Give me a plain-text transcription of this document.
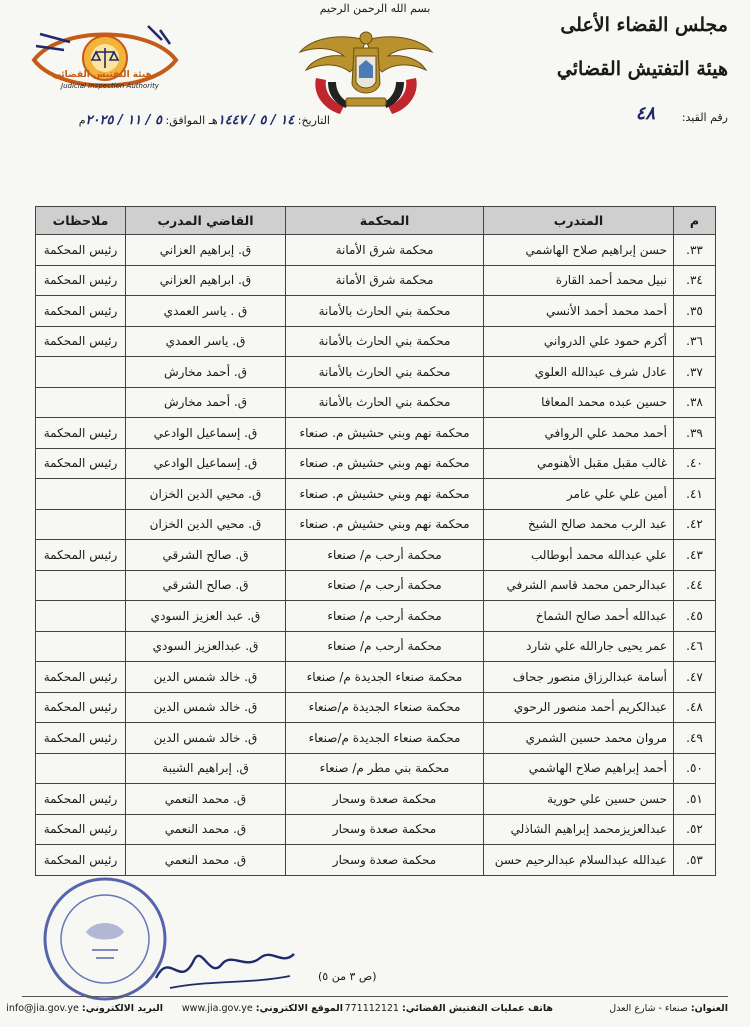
مجلس القضاء الأعلى
هيئة التفتيش القضائي
بسم الله الرحمن الرحيم
هيئة التفتيش القضائي
Judicial Inspection Authority
رقم القيد:
٤٨
التاريخ: ١٤ / ٥ / ١٤٤٧هـ الموافق: ٥ / ١١ / ٢٠٢٥م
م	المتدرب	المحكمة	القاضي المدرب	ملاحظات
٣٣.	حسن إبراهيم صلاح الهاشمي	محكمة شرق الأمانة	ق. إبراهيم العزاني	رئيس المحكمة
٣٤.	نبيل محمد أحمد القارة	محكمة شرق الأمانة	ق. ابراهيم العزاني	رئيس المحكمة
٣٥.	أحمد محمد أحمد الأنسي	محكمة بني الحارث بالأمانة	ق . ياسر العمدي	رئيس المحكمة
٣٦.	أكرم حمود علي الدرواني	محكمة بني الحارث بالأمانة	ق. ياسر العمدي	رئيس المحكمة
٣٧.	عادل شرف عبدالله العلوي	محكمة بني الحارث بالأمانة	ق. أحمد مخارش	
٣٨.	حسين عبده محمد المعافا	محكمة بني الحارث بالأمانة	ق. أحمد مخارش	
٣٩.	أحمد محمد علي الروافي	محكمة نهم وبني حشيش م. صنعاء	ق. إسماعيل الوادعي	رئيس المحكمة
٤٠.	غالب مقبل مقبل الأهنومي	محكمة نهم وبني حشيش م. صنعاء	ق. إسماعيل الوادعي	رئيس المحكمة
٤١.	أمين علي علي عامر	محكمة نهم وبني حشيش م. صنعاء	ق. محيي الدين الخزان	
٤٢.	عبد الرب محمد صالح الشيخ	محكمة نهم وبني حشيش م. صنعاء	ق. محيي الدين الخزان	
٤٣.	علي عبدالله محمد أبوطالب	محكمة أرحب م/ صنعاء	ق. صالح الشرقي	رئيس المحكمة
٤٤.	عبدالرحمن محمد قاسم الشرفي	محكمة أرحب م/ صنعاء	ق. صالح الشرقي	
٤٥.	عبدالله أحمد صالح الشماخ	محكمة أرحب م/ صنعاء	ق. عبد العزيز السودي	
٤٦.	عمر يحيى جارالله علي شارد	محكمة أرحب م/ صنعاء	ق. عبدالعزيز السودي	
٤٧.	أسامة عبدالرزاق منصور جحاف	محكمة صنعاء الجديدة م/ صنعاء	ق. خالد شمس الدين	رئيس المحكمة
٤٨.	عبدالكريم أحمد منصور الرحوي	محكمة صنعاء الجديدة م/صنعاء	ق. خالد شمس الدين	رئيس المحكمة
٤٩.	مروان محمد حسين الشمري	محكمة صنعاء الجديدة م/صنعاء	ق. خالد شمس الدين	رئيس المحكمة
٥٠.	أحمد إبراهيم صلاح الهاشمي	محكمة بني مطر م/ صنعاء	ق. إبراهيم الشيبة	
٥١.	حسن حسين علي حورية	محكمة صعدة وسحار	ق. محمد النعمي	رئيس المحكمة
٥٢.	عبدالعزيزمحمد إبراهيم الشاذلي	محكمة صعدة وسحار	ق. محمد النعمي	رئيس المحكمة
٥٣.	عبدالله عبدالسلام عبدالرحيم حسن	محكمة صعدة وسحار	ق. محمد النعمي	رئيس المحكمة
(ص ٣ من ٥)
العنوان: صنعاء - شارع العدل
هاتف عمليات التفتيش القضائي: 771112121
الموقع الالكتروني: www.jia.gov.ye
البريد الالكتروني: info@jia.gov.ye
